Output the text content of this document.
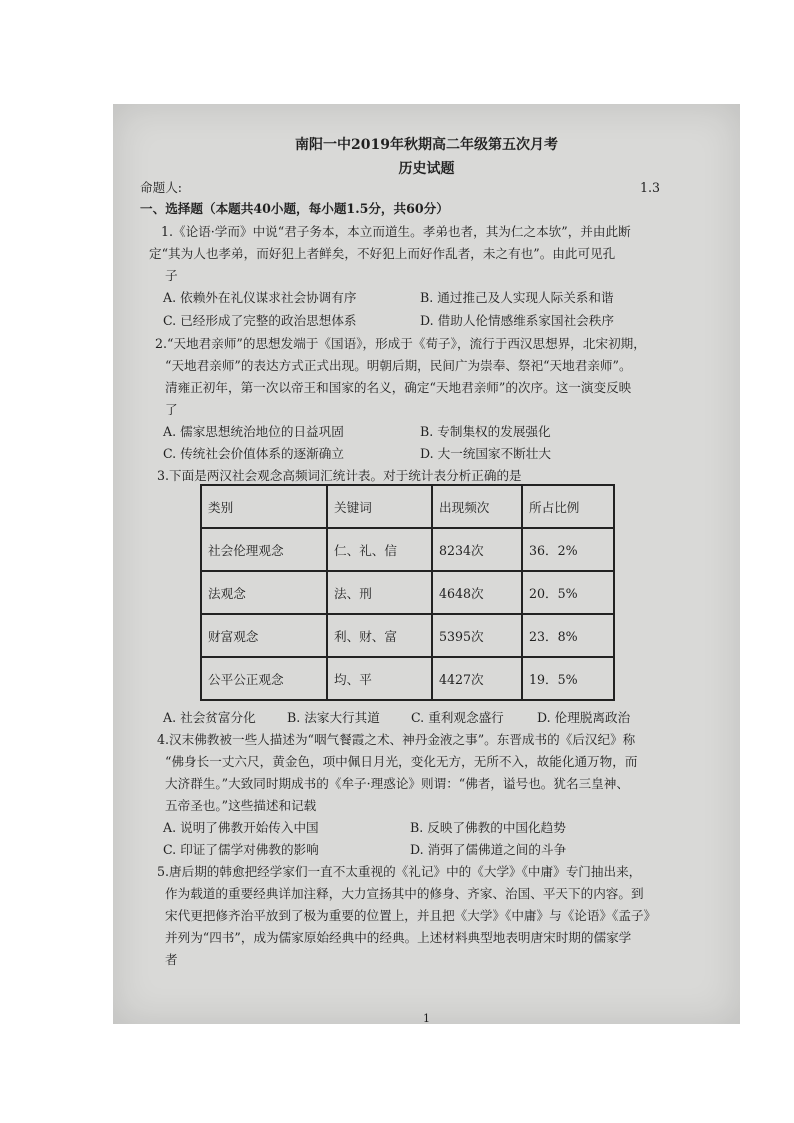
南阳一中2019年秋期高二年级第五次月考
历史试题
命题人:	1.3
一、选择题（本题共40小题，每小题1.5分，共60分）
1.《论语·学而》中说“君子务本，本立而道生。孝弟也者，其为仁之本欤”，并由此断
定“其为人也孝弟，而好犯上者鲜矣，不好犯上而好作乱者，未之有也”。由此可见孔
子
A. 依赖外在礼仪谋求社会协调有序	B. 通过推己及人实现人际关系和谐
C. 已经形成了完整的政治思想体系	D. 借助人伦情感维系家国社会秩序
2.“天地君亲师”的思想发端于《国语》，形成于《荀子》，流行于西汉思想界，北宋初期，
“天地君亲师”的表达方式正式出现。明朝后期，民间广为崇奉、祭祀“天地君亲师”。
清雍正初年，第一次以帝王和国家的名义，确定“天地君亲师”的次序。这一演变反映
了
A. 儒家思想统治地位的日益巩固	B. 专制集权的发展强化
C. 传统社会价值体系的逐渐确立	D. 大一统国家不断壮大
3.下面是两汉社会观念高频词汇统计表。对于统计表分析正确的是
类别	关键词	出现频次	所占比例
社会伦理观念	仁、礼、信	8234次	36．2%
法观念	法、刑	4648次	20．5%
财富观念	利、财、富	5395次	23．8%
公平公正观念	均、平	4427次	19．5%
A. 社会贫富分化 B. 法家大行其道 C. 重利观念盛行	D. 伦理脱离政治
4.汉末佛教被一些人描述为“咽气餐霞之术、神丹金液之事”。东晋成书的《后汉纪》称
“佛身长一丈六尺，黄金色，项中佩日月光，变化无方，无所不入，故能化通万物，而
大济群生。”大致同时期成书的《牟子·理惑论》则谓：“佛者，谥号也。犹名三皇神、
五帝圣也。”这些描述和记载
A. 说明了佛教开始传入中国	B. 反映了佛教的中国化趋势
C. 印证了儒学对佛教的影响	D. 消弭了儒佛道之间的斗争
5.唐后期的韩愈把经学家们一直不太重视的《礼记》中的《大学》《中庸》专门抽出来，
作为载道的重要经典详加注释，大力宣扬其中的修身、齐家、治国、平天下的内容。到
宋代更把修齐治平放到了极为重要的位置上，并且把《大学》《中庸》与《论语》《孟子》
并列为“四书”，成为儒家原始经典中的经典。上述材料典型地表明唐宋时期的儒家学
者
1
